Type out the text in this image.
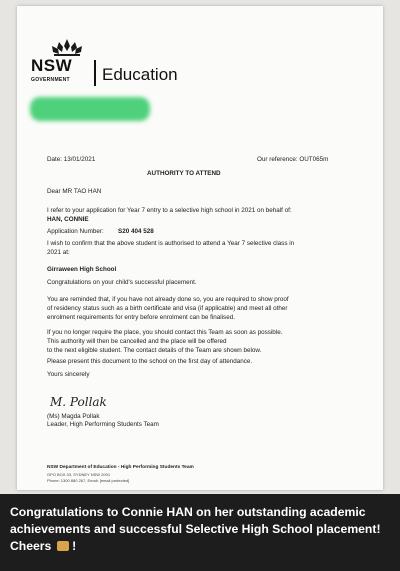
NSW
GOVERNMENT Education
Date: 13/01/2021	Our reference: OUT065m
AUTHORITY TO ATTEND
Dear MR TAO HAN
I refer to your application for Year 7 entry to a selective high school in 2021 on behalf of:
HAN, CONNIE
Application Number: S20 404 528
I wish to confirm that the above student is authorised to attend a Year 7 selective class in
2021 at:
Girraween High School
Congratulations on your child's successful placement.
You are reminded that, if you have not already done so, you are required to show proof
of residency status such as a birth certificate and visa (if applicable) and meet all other
enrolment requirements for entry before enrolment can be finalised.
If you no longer require the place, you should contact this Team as soon as possible.
This authority will then be cancelled and the place will be offered
to the next eligible student. The contact details of the Team are shown below.
Please present this document to the school on the first day of attendance.
Yours sincerely
M. Pollak
(Ms) Magda Pollak
Leader, High Performing Students Team
NSW Department of Education - High Performing Students Team
GPO BOX 33, SYDNEY NSW 2001
Phone: 1300 880 267, Email: [email protected]
Congratulations to Connie HAN on her outstanding academic achievements and successful Selective High School placement! Cheers !
